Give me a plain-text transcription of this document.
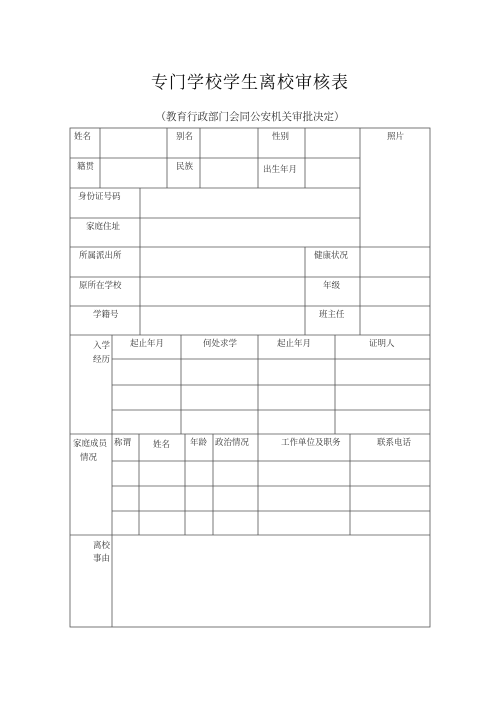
专门学校学生离校审核表
（教育行政部门会同公安机关审批决定）
姓名	别名	性别	照片
籍贯	民族	出生年月
身份证号码
家庭住址
所属派出所	健康状况
原所在学校	年级
学籍号	班主任
入学
经历
起止年月	何处求学	起止年月	证明人
家庭成员
情况
称谓	姓名 年龄 政治情况	工作单位及职务	联系电话
离校
事由
